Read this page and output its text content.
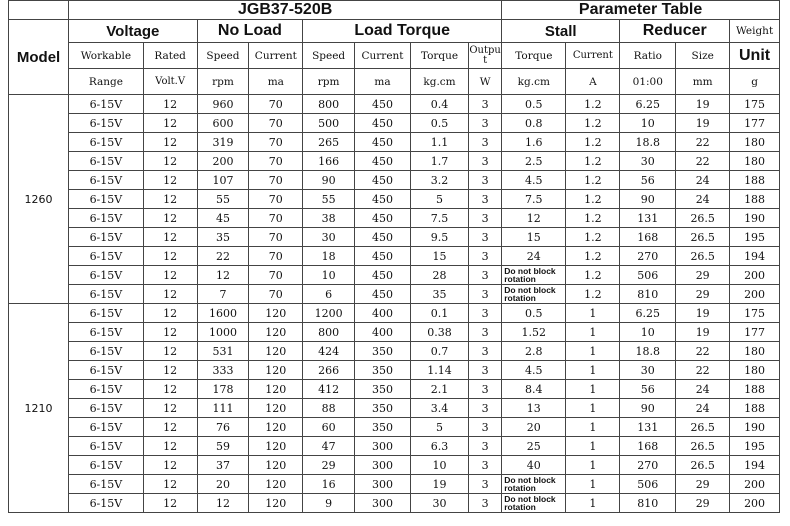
	JGB37-520B								Parameter Table				
Model	Voltage		No Load		Load Torque				Stall		Reducer		Weight
	Workable	Rated	Speed	Current	Speed	Current	Torque	Output	Torque	Current	Ratio	Size	Unit
	Range	Volt.V	rpm	ma	rpm	ma	kg.cm	W	kg.cm	A	01:00	mm	g
1260	6-15V	12	960	70	800	450	0.4	3	0.5	1.2	6.25	19	175
	6-15V	12	600	70	500	450	0.5	3	0.8	1.2	10	19	177
	6-15V	12	319	70	265	450	1.1	3	1.6	1.2	18.8	22	180
	6-15V	12	200	70	166	450	1.7	3	2.5	1.2	30	22	180
	6-15V	12	107	70	90	450	3.2	3	4.5	1.2	56	24	188
	6-15V	12	55	70	55	450	5	3	7.5	1.2	90	24	188
	6-15V	12	45	70	38	450	7.5	3	12	1.2	131	26.5	190
	6-15V	12	35	70	30	450	9.5	3	15	1.2	168	26.5	195
	6-15V	12	22	70	18	450	15	3	24	1.2	270	26.5	194
	6-15V	12	12	70	10	450	28	3	Do not block rotation	1.2	506	29	200
	6-15V	12	7	70	6	450	35	3	Do not block rotation	1.2	810	29	200
1210	6-15V	12	1600	120	1200	400	0.1	3	0.5	1	6.25	19	175
	6-15V	12	1000	120	800	400	0.38	3	1.52	1	10	19	177
	6-15V	12	531	120	424	350	0.7	3	2.8	1	18.8	22	180
	6-15V	12	333	120	266	350	1.14	3	4.5	1	30	22	180
	6-15V	12	178	120	412	350	2.1	3	8.4	1	56	24	188
	6-15V	12	111	120	88	350	3.4	3	13	1	90	24	188
	6-15V	12	76	120	60	350	5	3	20	1	131	26.5	190
	6-15V	12	59	120	47	300	6.3	3	25	1	168	26.5	195
	6-15V	12	37	120	29	300	10	3	40	1	270	26.5	194
	6-15V	12	20	120	16	300	19	3	Do not block rotation	1	506	29	200
	6-15V	12	12	120	9	300	30	3	Do not block rotation	1	810	29	200
